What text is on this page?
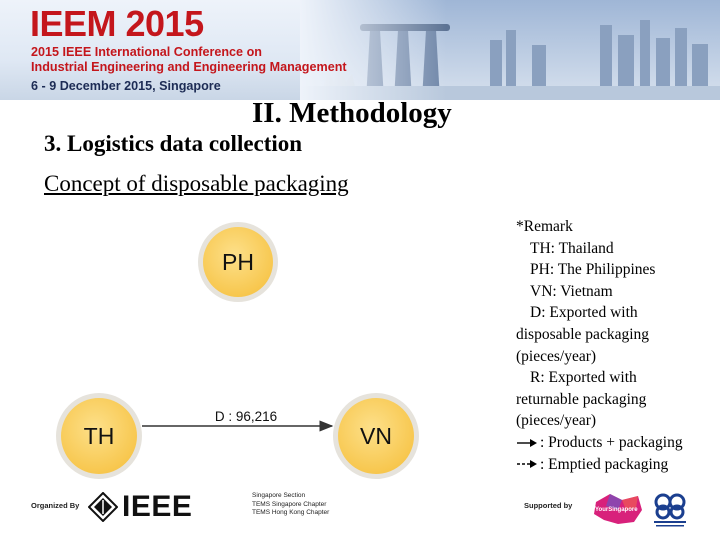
IEEM 2015

2015 IEEE International Conference on

Industrial Engineering and Engineering Management

6 - 9 December 2015, Singapore

II. Methodology
3. Logistics data collection

Concept of disposable packaging

PH
TH	VN
D : 96,216

*Remark

TH: Thailand

PH: The Philippines

VN: Vietnam

D: Exported with

disposable packaging

(pieces/year)

R: Exported with

returnable packaging

(pieces/year)

: Products + packaging
: Emptied packaging

Organized By IEEE	Singapore Section

TEMS Singapore Chapter

TEMS Hong Kong Chapter

Supported by	YourSingapore
